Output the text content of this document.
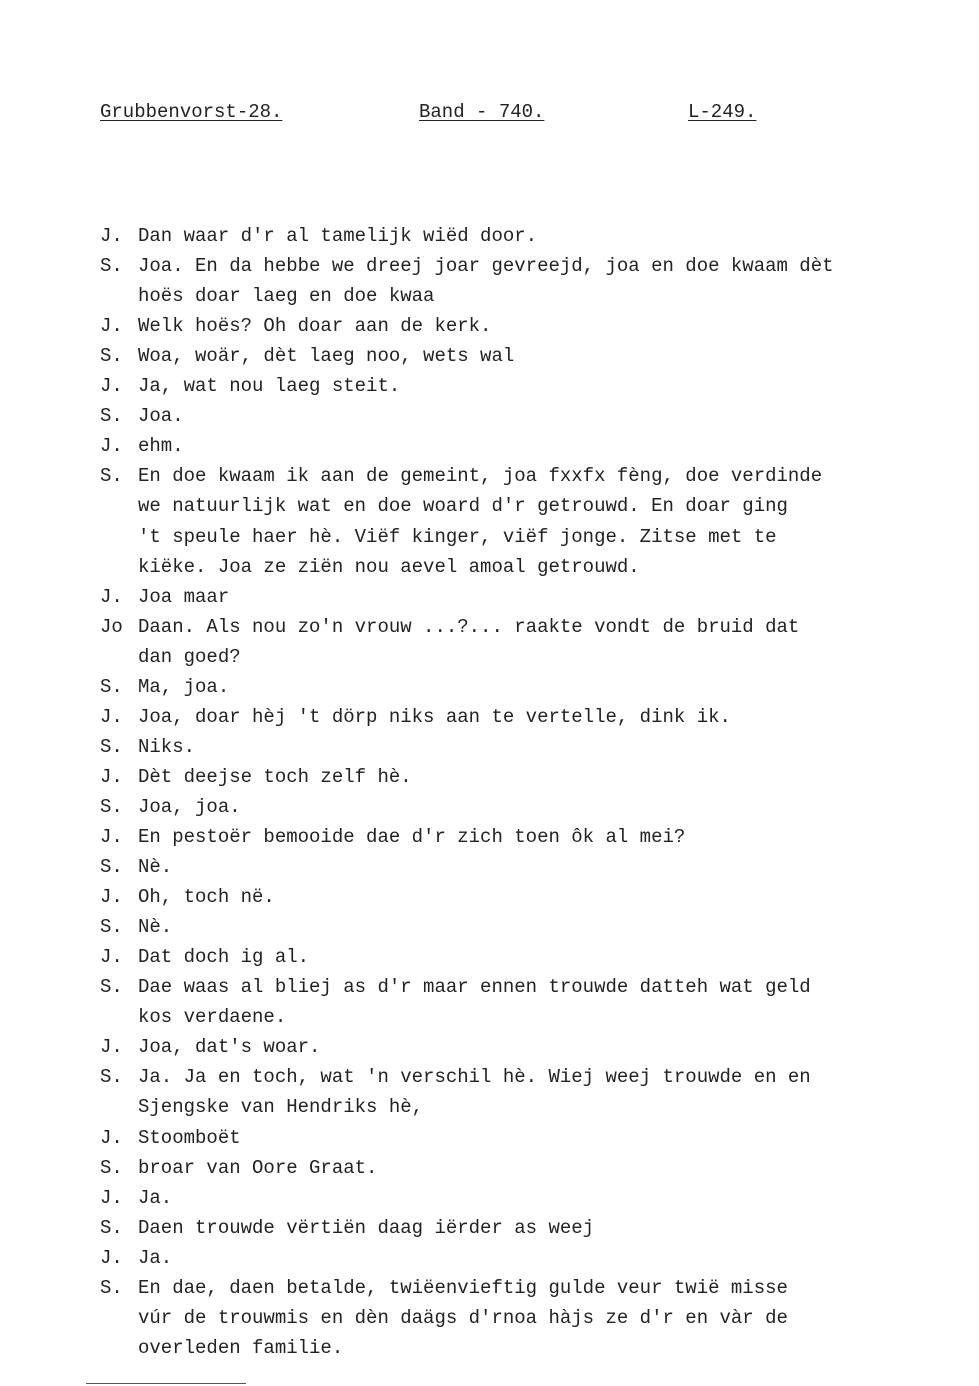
Grubbenvorst-28.	Band - 740.	L-249.
J. Dan waar d'r al tamelijk wiëd door.
S. Joa. En da hebbe we dreej joar gevreejd, joa en doe kwaam dèt
hoës doar laeg en doe kwaa
J. Welk hoës? Oh doar aan de kerk.
S. Woa, woär, dèt laeg noo, wets wal
J. Ja, wat nou laeg steit.
S. Joa.
J. ehm.
S. En doe kwaam ik aan de gemeint, joa fxxfx fèng, doe verdinde
we natuurlijk wat en doe woard d'r getrouwd. En doar ging
't speule haer hè. Viëf kinger, viëf jonge. Zitse met te
kiëke. Joa ze ziën nou aevel amoal getrouwd.
J. Joa maar
Jo Daan. Als nou zo'n vrouw ...?... raakte vondt de bruid dat
dan goed?
S. Ma, joa.
J. Joa, doar hèj 't dörp niks aan te vertelle, dink ik.
S. Niks.
J. Dèt deejse toch zelf hè.
S. Joa, joa.
J. En pestoër bemooide dae d'r zich toen ôk al mei?
S. Nè.
J. Oh, toch në.
S. Nè.
J. Dat doch ig al.
S. Dae waas al bliej as d'r maar ennen trouwde datteh wat geld
kos verdaene.
J. Joa, dat's woar.
S. Ja. Ja en toch, wat 'n verschil hè. Wiej weej trouwde en en
Sjengske van Hendriks hè,
J. Stoomboët
S. broar van Oore Graat.
J. Ja.
S. Daen trouwde vërtiën daag iërder as weej
J. Ja.
S. En dae, daen betalde, twiëenvieftig gulde veur twië misse
vúr de trouwmis en dèn daägs d'rnoa hàjs ze d'r en vàr de
overleden familie.
